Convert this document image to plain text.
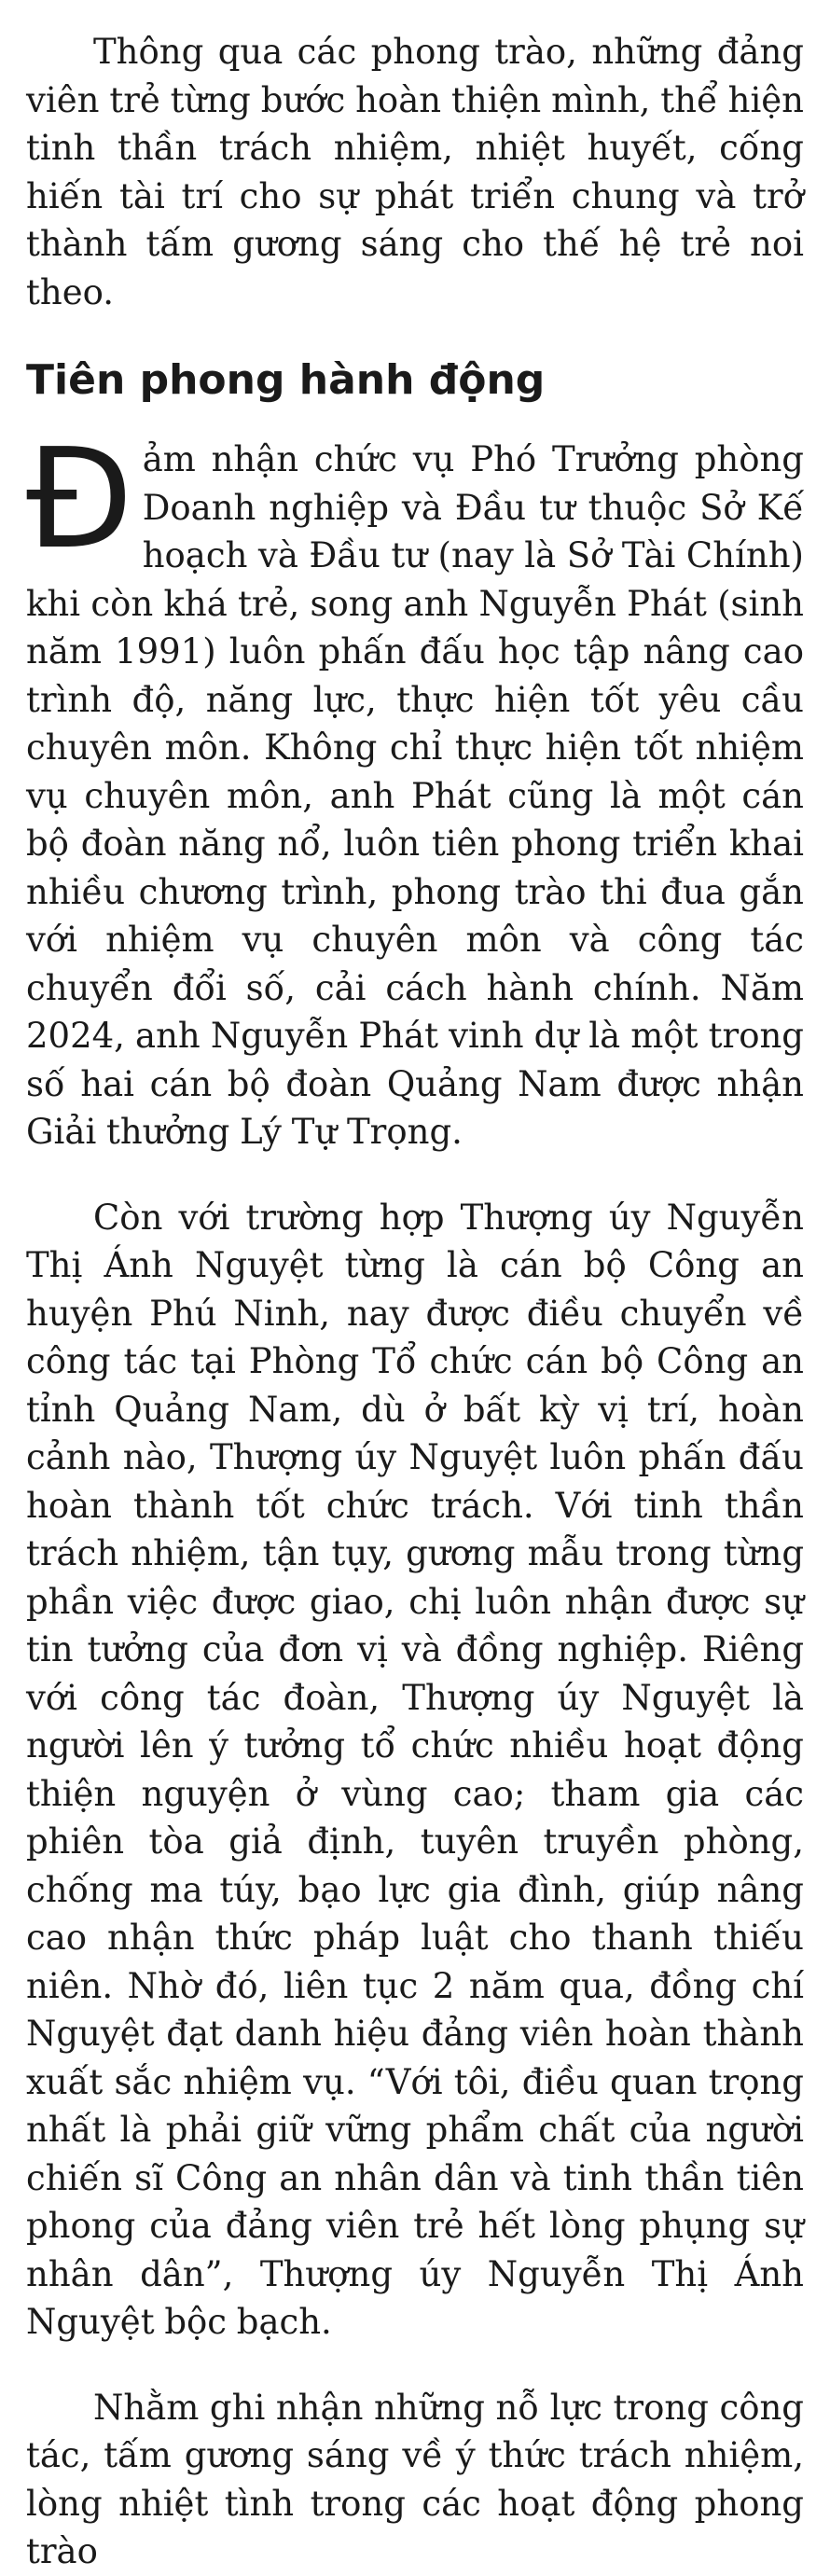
Thông qua các phong trào, những đảng viên trẻ từng bước hoàn thiện mình, thể hiện tinh thần trách nhiệm, nhiệt huyết, cống hiến tài trí cho sự phát triển chung và trở thành tấm gương sáng cho thế hệ trẻ noi theo.

Tiên phong hành động

Đảm nhận chức vụ Phó Trưởng phòng Doanh nghiệp và Đầu tư thuộc Sở Kế hoạch và Đầu tư (nay là Sở Tài Chính) khi còn khá trẻ, song anh Nguyễn Phát (sinh năm 1991) luôn phấn đấu học tập nâng cao trình độ, năng lực, thực hiện tốt yêu cầu chuyên môn. Không chỉ thực hiện tốt nhiệm vụ chuyên môn, anh Phát cũng là một cán bộ đoàn năng nổ, luôn tiên phong triển khai nhiều chương trình, phong trào thi đua gắn với nhiệm vụ chuyên môn và công tác chuyển đổi số, cải cách hành chính. Năm 2024, anh Nguyễn Phát vinh dự là một trong số hai cán bộ đoàn Quảng Nam được nhận Giải thưởng Lý Tự Trọng.

Còn với trường hợp Thượng úy Nguyễn Thị Ánh Nguyệt từng là cán bộ Công an huyện Phú Ninh, nay được điều chuyển về công tác tại Phòng Tổ chức cán bộ Công an tỉnh Quảng Nam, dù ở bất kỳ vị trí, hoàn cảnh nào, Thượng úy Nguyệt luôn phấn đấu hoàn thành tốt chức trách. Với tinh thần trách nhiệm, tận tụy, gương mẫu trong từng phần việc được giao, chị luôn nhận được sự tin tưởng của đơn vị và đồng nghiệp. Riêng với công tác đoàn, Thượng úy Nguyệt là người lên ý tưởng tổ chức nhiều hoạt động thiện nguyện ở vùng cao; tham gia các phiên tòa giả định, tuyên truyền phòng, chống ma túy, bạo lực gia đình, giúp nâng cao nhận thức pháp luật cho thanh thiếu niên. Nhờ đó, liên tục 2 năm qua, đồng chí Nguyệt đạt danh hiệu đảng viên hoàn thành xuất sắc nhiệm vụ. “Với tôi, điều quan trọng nhất là phải giữ vững phẩm chất của người chiến sĩ Công an nhân dân và tinh thần tiên phong của đảng viên trẻ hết lòng phụng sự nhân dân”, Thượng úy Nguyễn Thị Ánh Nguyệt bộc bạch.

Nhằm ghi nhận những nỗ lực trong công tác, tấm gương sáng về ý thức trách nhiệm, lòng nhiệt tình trong các hoạt động phong trào
